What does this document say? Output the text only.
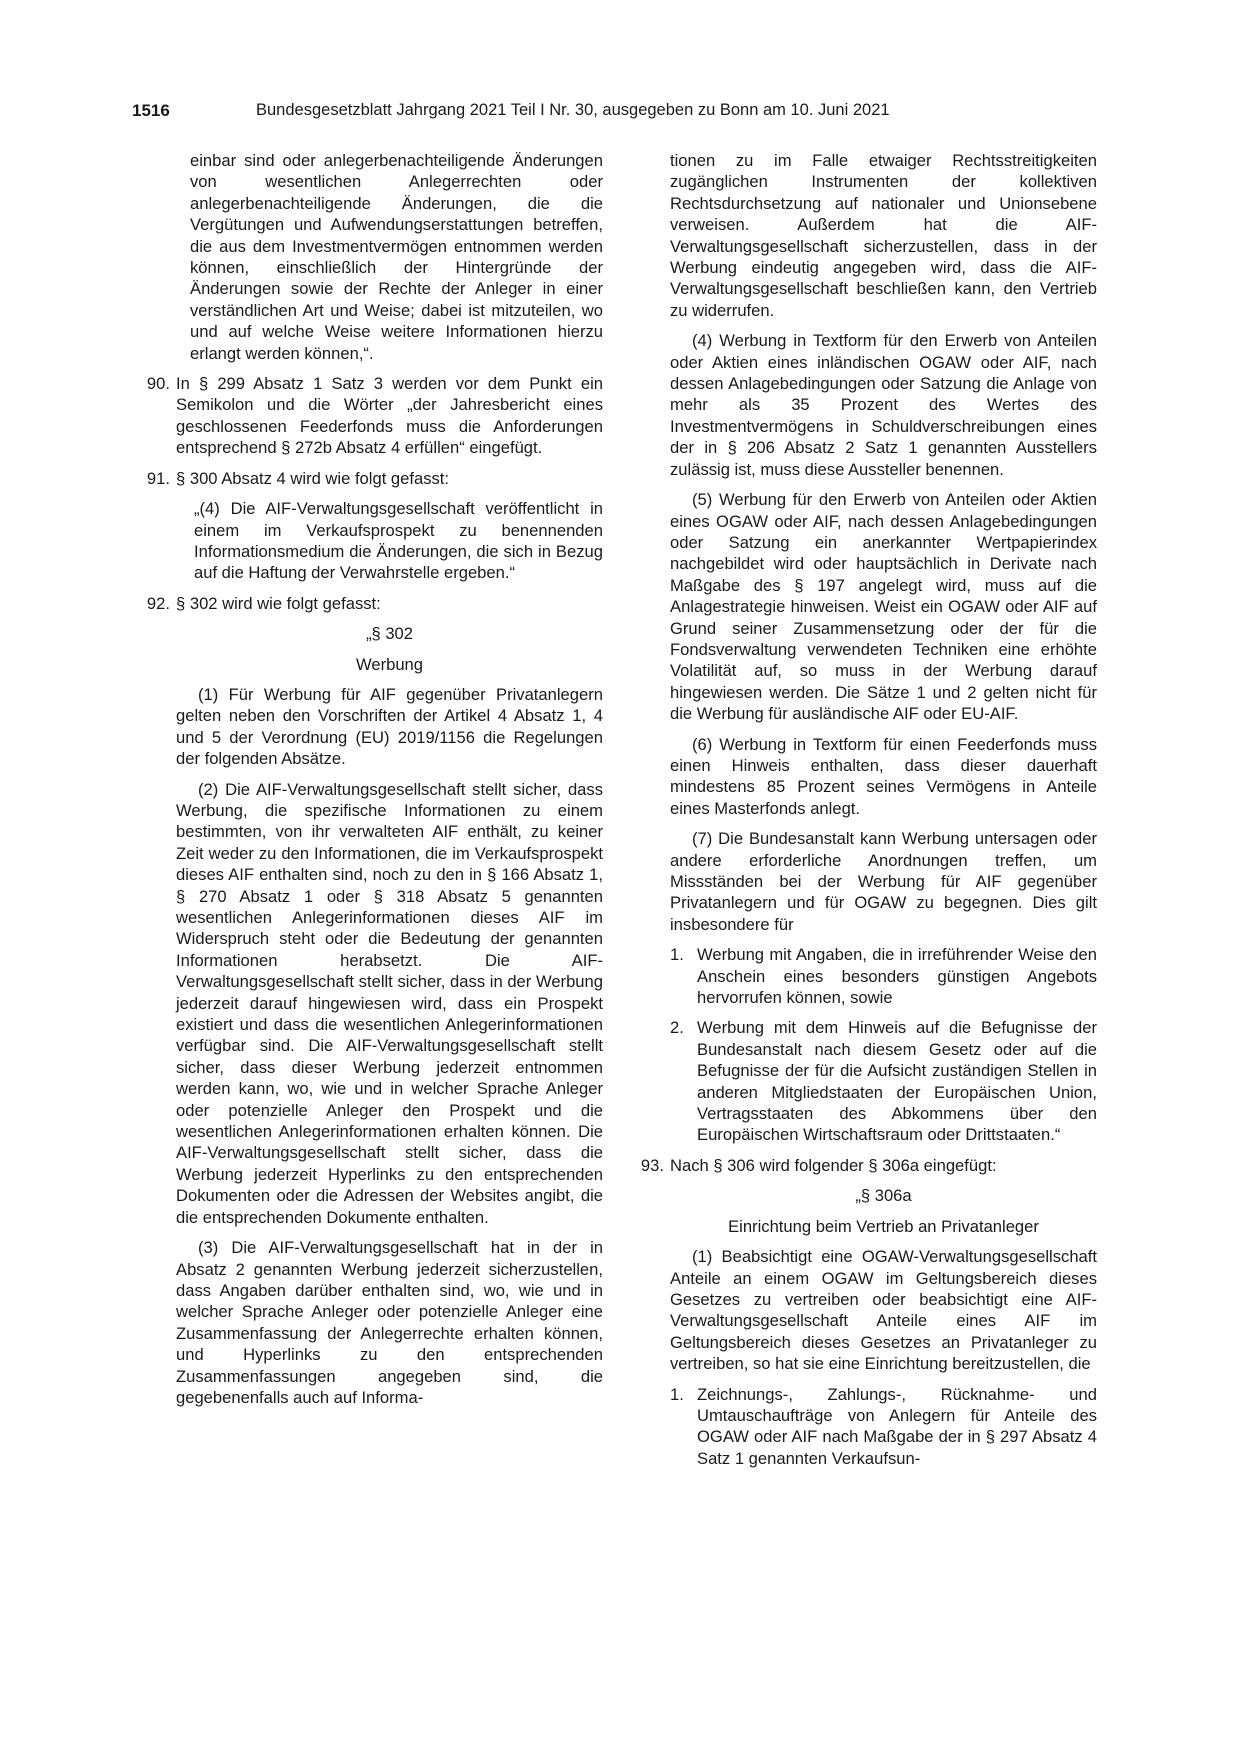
1516	Bundesgesetzblatt Jahrgang 2021 Teil I Nr. 30, ausgegeben zu Bonn am 10. Juni 2021

einbar sind oder anlegerbenachteiligende Änderungen von wesentlichen Anlegerrechten oder anlegerbenachteiligende Änderungen, die die Vergütungen und Aufwendungserstattungen betreffen, die aus dem Investmentvermögen entnommen werden können, einschließlich der Hintergründe der Änderungen sowie der Rechte der Anleger in einer verständlichen Art und Weise; dabei ist mitzuteilen, wo und auf welche Weise weitere Informationen hierzu erlangt werden können,“.

90. In § 299 Absatz 1 Satz 3 werden vor dem Punkt ein Semikolon und die Wörter „der Jahresbericht eines geschlossenen Feederfonds muss die Anforderungen entsprechend § 272b Absatz 4 erfüllen“ eingefügt.

91. § 300 Absatz 4 wird wie folgt gefasst:

„(4) Die AIF-Verwaltungsgesellschaft veröffentlicht in einem im Verkaufsprospekt zu benennenden Informationsmedium die Änderungen, die sich in Bezug auf die Haftung der Verwahrstelle ergeben.“

92. § 302 wird wie folgt gefasst:

„§ 302

Werbung

(1) Für Werbung für AIF gegenüber Privatanlegern gelten neben den Vorschriften der Artikel 4 Absatz 1, 4 und 5 der Verordnung (EU) 2019/1156 die Regelungen der folgenden Absätze.

(2) Die AIF-Verwaltungsgesellschaft stellt sicher, dass Werbung, die spezifische Informationen zu einem bestimmten, von ihr verwalteten AIF enthält, zu keiner Zeit weder zu den Informationen, die im Verkaufsprospekt dieses AIF enthalten sind, noch zu den in § 166 Absatz 1, § 270 Absatz 1 oder § 318 Absatz 5 genannten wesentlichen Anlegerinformationen dieses AIF im Widerspruch steht oder die Bedeutung der genannten Informationen herabsetzt. Die AIF-Verwaltungsgesellschaft stellt sicher, dass in der Werbung jederzeit darauf hingewiesen wird, dass ein Prospekt existiert und dass die wesentlichen Anlegerinformationen verfügbar sind. Die AIF-Verwaltungsgesellschaft stellt sicher, dass dieser Werbung jederzeit entnommen werden kann, wo, wie und in welcher Sprache Anleger oder potenzielle Anleger den Prospekt und die wesentlichen Anlegerinformationen erhalten können. Die AIF-Verwaltungsgesellschaft stellt sicher, dass die Werbung jederzeit Hyperlinks zu den entsprechenden Dokumenten oder die Adressen der Websites angibt, die die entsprechenden Dokumente enthalten.

(3) Die AIF-Verwaltungsgesellschaft hat in der in Absatz 2 genannten Werbung jederzeit sicherzustellen, dass Angaben darüber enthalten sind, wo, wie und in welcher Sprache Anleger oder potenzielle Anleger eine Zusammenfassung der Anlegerrechte erhalten können, und Hyperlinks zu den entsprechenden Zusammenfassungen angegeben sind, die gegebenenfalls auch auf Informa-

tionen zu im Falle etwaiger Rechtsstreitigkeiten zugänglichen Instrumenten der kollektiven Rechtsdurchsetzung auf nationaler und Unionsebene verweisen. Außerdem hat die AIF-Verwaltungsgesellschaft sicherzustellen, dass in der Werbung eindeutig angegeben wird, dass die AIF-Verwaltungsgesellschaft beschließen kann, den Vertrieb zu widerrufen.

(4) Werbung in Textform für den Erwerb von Anteilen oder Aktien eines inländischen OGAW oder AIF, nach dessen Anlagebedingungen oder Satzung die Anlage von mehr als 35 Prozent des Wertes des Investmentvermögens in Schuldverschreibungen eines der in § 206 Absatz 2 Satz 1 genannten Ausstellers zulässig ist, muss diese Aussteller benennen.

(5) Werbung für den Erwerb von Anteilen oder Aktien eines OGAW oder AIF, nach dessen Anlagebedingungen oder Satzung ein anerkannter Wertpapierindex nachgebildet wird oder hauptsächlich in Derivate nach Maßgabe des § 197 angelegt wird, muss auf die Anlagestrategie hinweisen. Weist ein OGAW oder AIF auf Grund seiner Zusammensetzung oder der für die Fondsverwaltung verwendeten Techniken eine erhöhte Volatilität auf, so muss in der Werbung darauf hingewiesen werden. Die Sätze 1 und 2 gelten nicht für die Werbung für ausländische AIF oder EU-AIF.

(6) Werbung in Textform für einen Feederfonds muss einen Hinweis enthalten, dass dieser dauerhaft mindestens 85 Prozent seines Vermögens in Anteile eines Masterfonds anlegt.

(7) Die Bundesanstalt kann Werbung untersagen oder andere erforderliche Anordnungen treffen, um Missständen bei der Werbung für AIF gegenüber Privatanlegern und für OGAW zu begegnen. Dies gilt insbesondere für

1. Werbung mit Angaben, die in irreführender Weise den Anschein eines besonders günstigen Angebots hervorrufen können, sowie

2. Werbung mit dem Hinweis auf die Befugnisse der Bundesanstalt nach diesem Gesetz oder auf die Befugnisse der für die Aufsicht zuständigen Stellen in anderen Mitgliedstaaten der Europäischen Union, Vertragsstaaten des Abkommens über den Europäischen Wirtschaftsraum oder Drittstaaten.“

93. Nach § 306 wird folgender § 306a eingefügt:

„§ 306a

Einrichtung beim Vertrieb an Privatanleger

(1) Beabsichtigt eine OGAW-Verwaltungsgesellschaft Anteile an einem OGAW im Geltungsbereich dieses Gesetzes zu vertreiben oder beabsichtigt eine AIF-Verwaltungsgesellschaft Anteile eines AIF im Geltungsbereich dieses Gesetzes an Privatanleger zu vertreiben, so hat sie eine Einrichtung bereitzustellen, die

1. Zeichnungs-, Zahlungs-, Rücknahme- und Umtauschaufträge von Anlegern für Anteile des OGAW oder AIF nach Maßgabe der in § 297 Absatz 4 Satz 1 genannten Verkaufsun-
